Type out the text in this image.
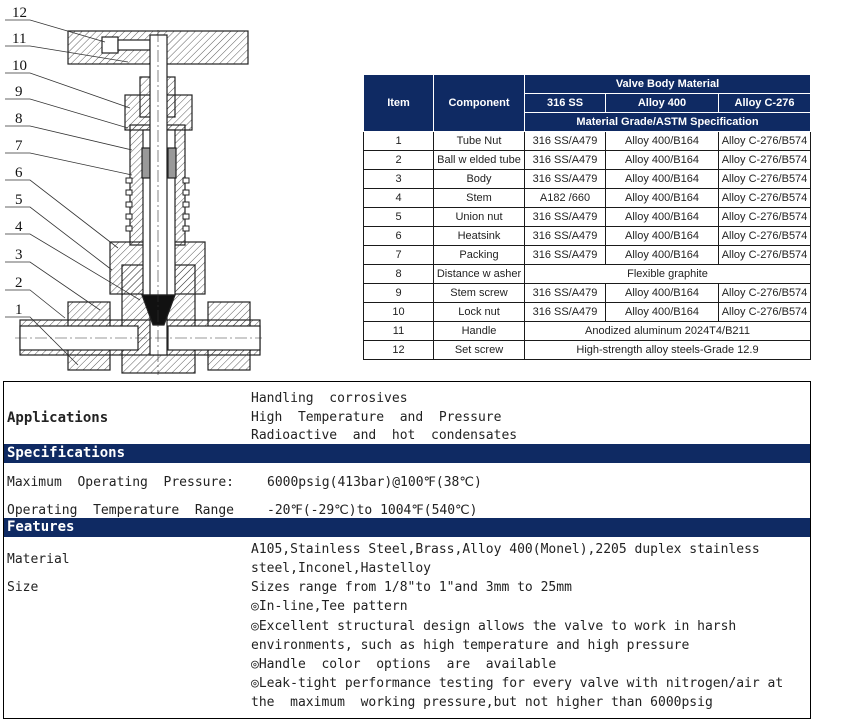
12
11
10
9
8
7
6
5
4
3
2
1
Item	Component	Valve Body Material		
		316 SS	Alloy 400	Alloy C-276
		Material Grade/ASTM Specification		
1	Tube Nut	316 SS/A479	Alloy 400/B164	Alloy C-276/B574
2	Ball w elded tube	316 SS/A479	Alloy 400/B164	Alloy C-276/B574
3	Body	316 SS/A479	Alloy 400/B164	Alloy C-276/B574
4	Stem	A182 /660	Alloy 400/B164	Alloy C-276/B574
5	Union nut	316 SS/A479	Alloy 400/B164	Alloy C-276/B574
6	Heatsink	316 SS/A479	Alloy 400/B164	Alloy C-276/B574
7	Packing	316 SS/A479	Alloy 400/B164	Alloy C-276/B574
8	Distance w asher	Flexible graphite		
9	Stem screw	316 SS/A479	Alloy 400/B164	Alloy C-276/B574
10	Lock nut	316 SS/A479	Alloy 400/B164	Alloy C-276/B574
11	Handle	Anodized aluminum 2024T4/B211		
12	Set screw	High-strength alloy steels-Grade 12.9		
Applications
Handling  corrosives
High  Temperature  and  Pressure
Radioactive  and  hot  condensates
Specifications
Maximum  Operating  Pressure:	6000psig(413bar)@100℉(38℃)
Operating  Temperature  Range	-20℉(-29℃)to 1004℉(540℃)
Features
Material
A105,Stainless Steel,Brass,Alloy 400(Monel),2205 duplex stainless
steel,Inconel,Hastelloy
Size	Sizes range from 1/8"to 1"and 3mm to 25mm
◎In-line,Tee pattern
◎Excellent structural design allows the valve to work in harsh
environments, such as high temperature and high pressure
◎Handle  color  options  are  available
◎Leak-tight performance testing for every valve with nitrogen/air at
the  maximum  working pressure,but not higher than 6000psig
